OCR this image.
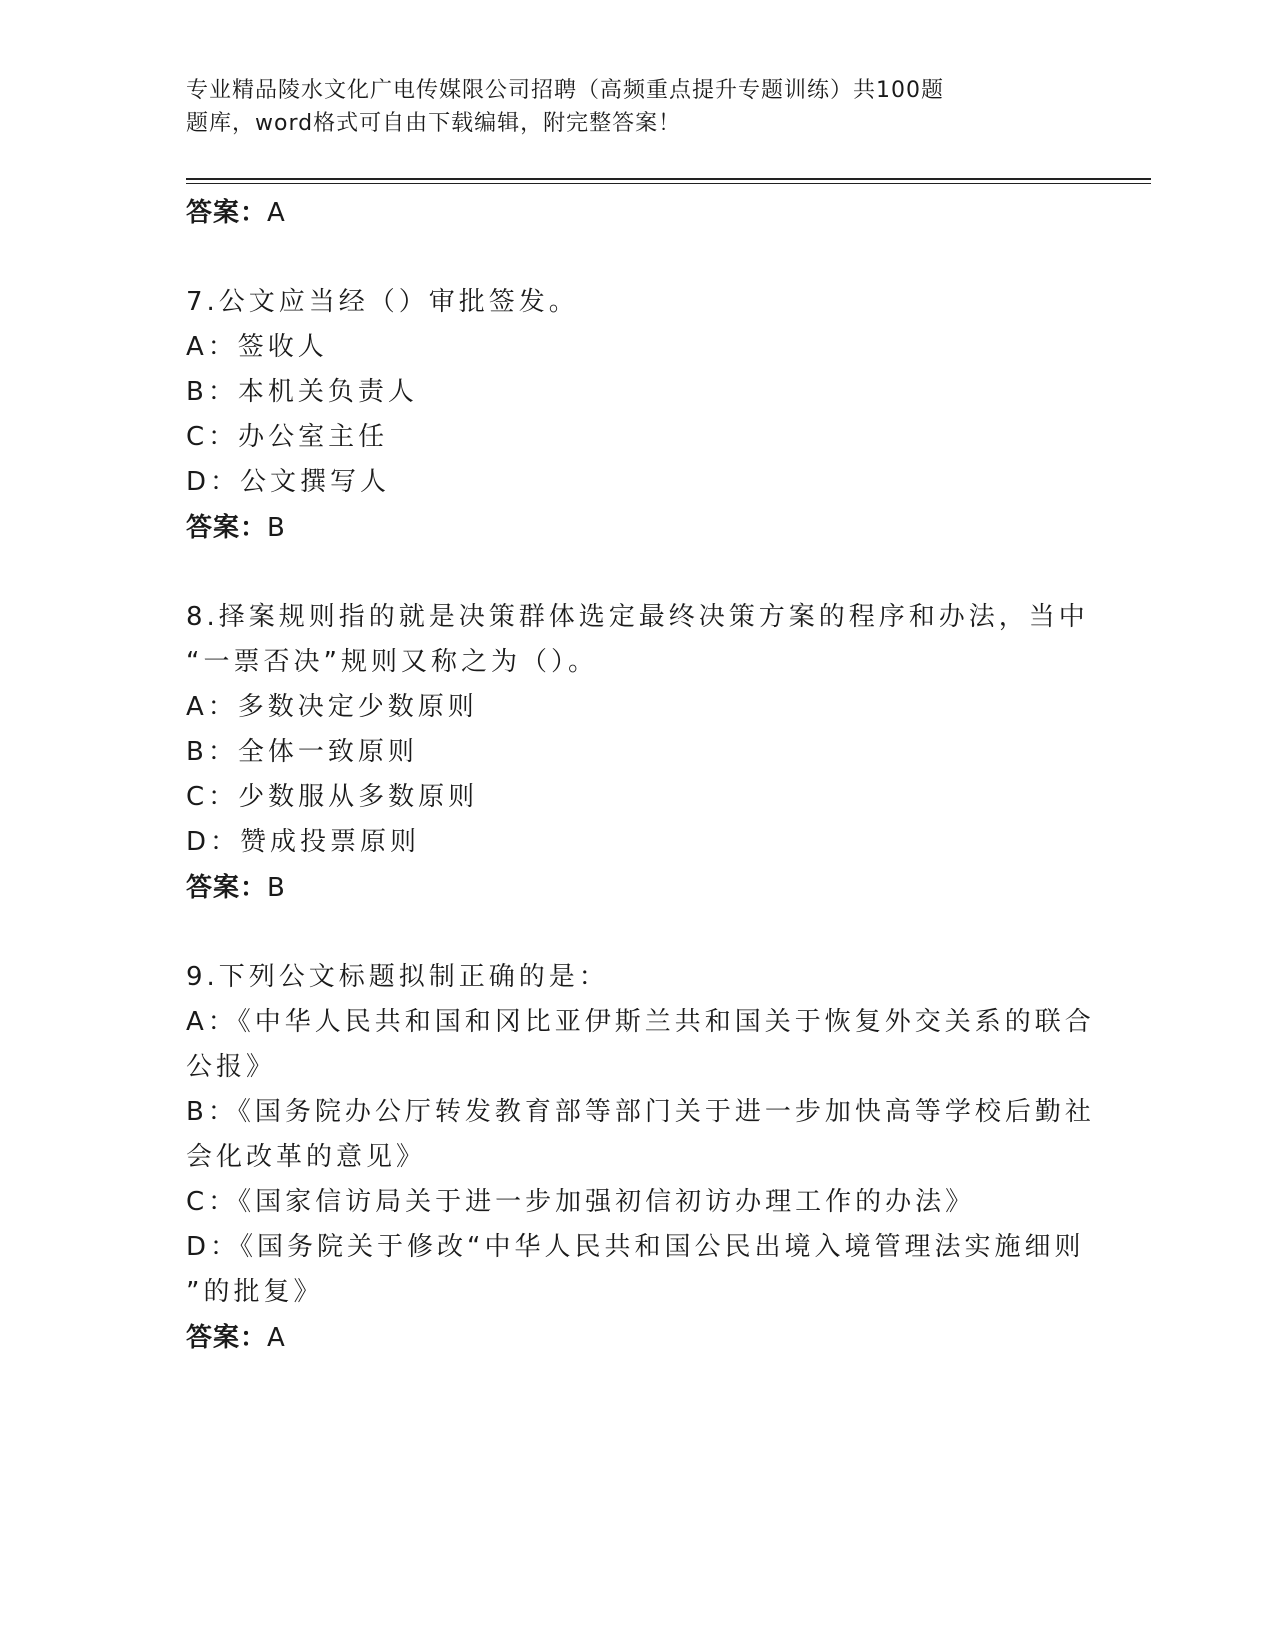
专业精品陵水文化广电传媒限公司招聘（高频重点提升专题训练）共100题
题库，word格式可自由下载编辑，附完整答案！
答案：A
7.公文应当经（）审批签发。
A：签收人
B：本机关负责人
C：办公室主任
D：公文撰写人
答案：B
8.择案规则指的就是决策群体选定最终决策方案的程序和办法，当中
“一票否决”规则又称之为（）。
A：多数决定少数原则
B：全体一致原则
C：少数服从多数原则
D：赞成投票原则
答案：B
9.下列公文标题拟制正确的是：
A：《中华人民共和国和冈比亚伊斯兰共和国关于恢复外交关系的联合
公报》
B：《国务院办公厅转发教育部等部门关于进一步加快高等学校后勤社
会化改革的意见》
C：《国家信访局关于进一步加强初信初访办理工作的办法》
D：《国务院关于修改“中华人民共和国公民出境入境管理法实施细则
”的批复》
答案：A
